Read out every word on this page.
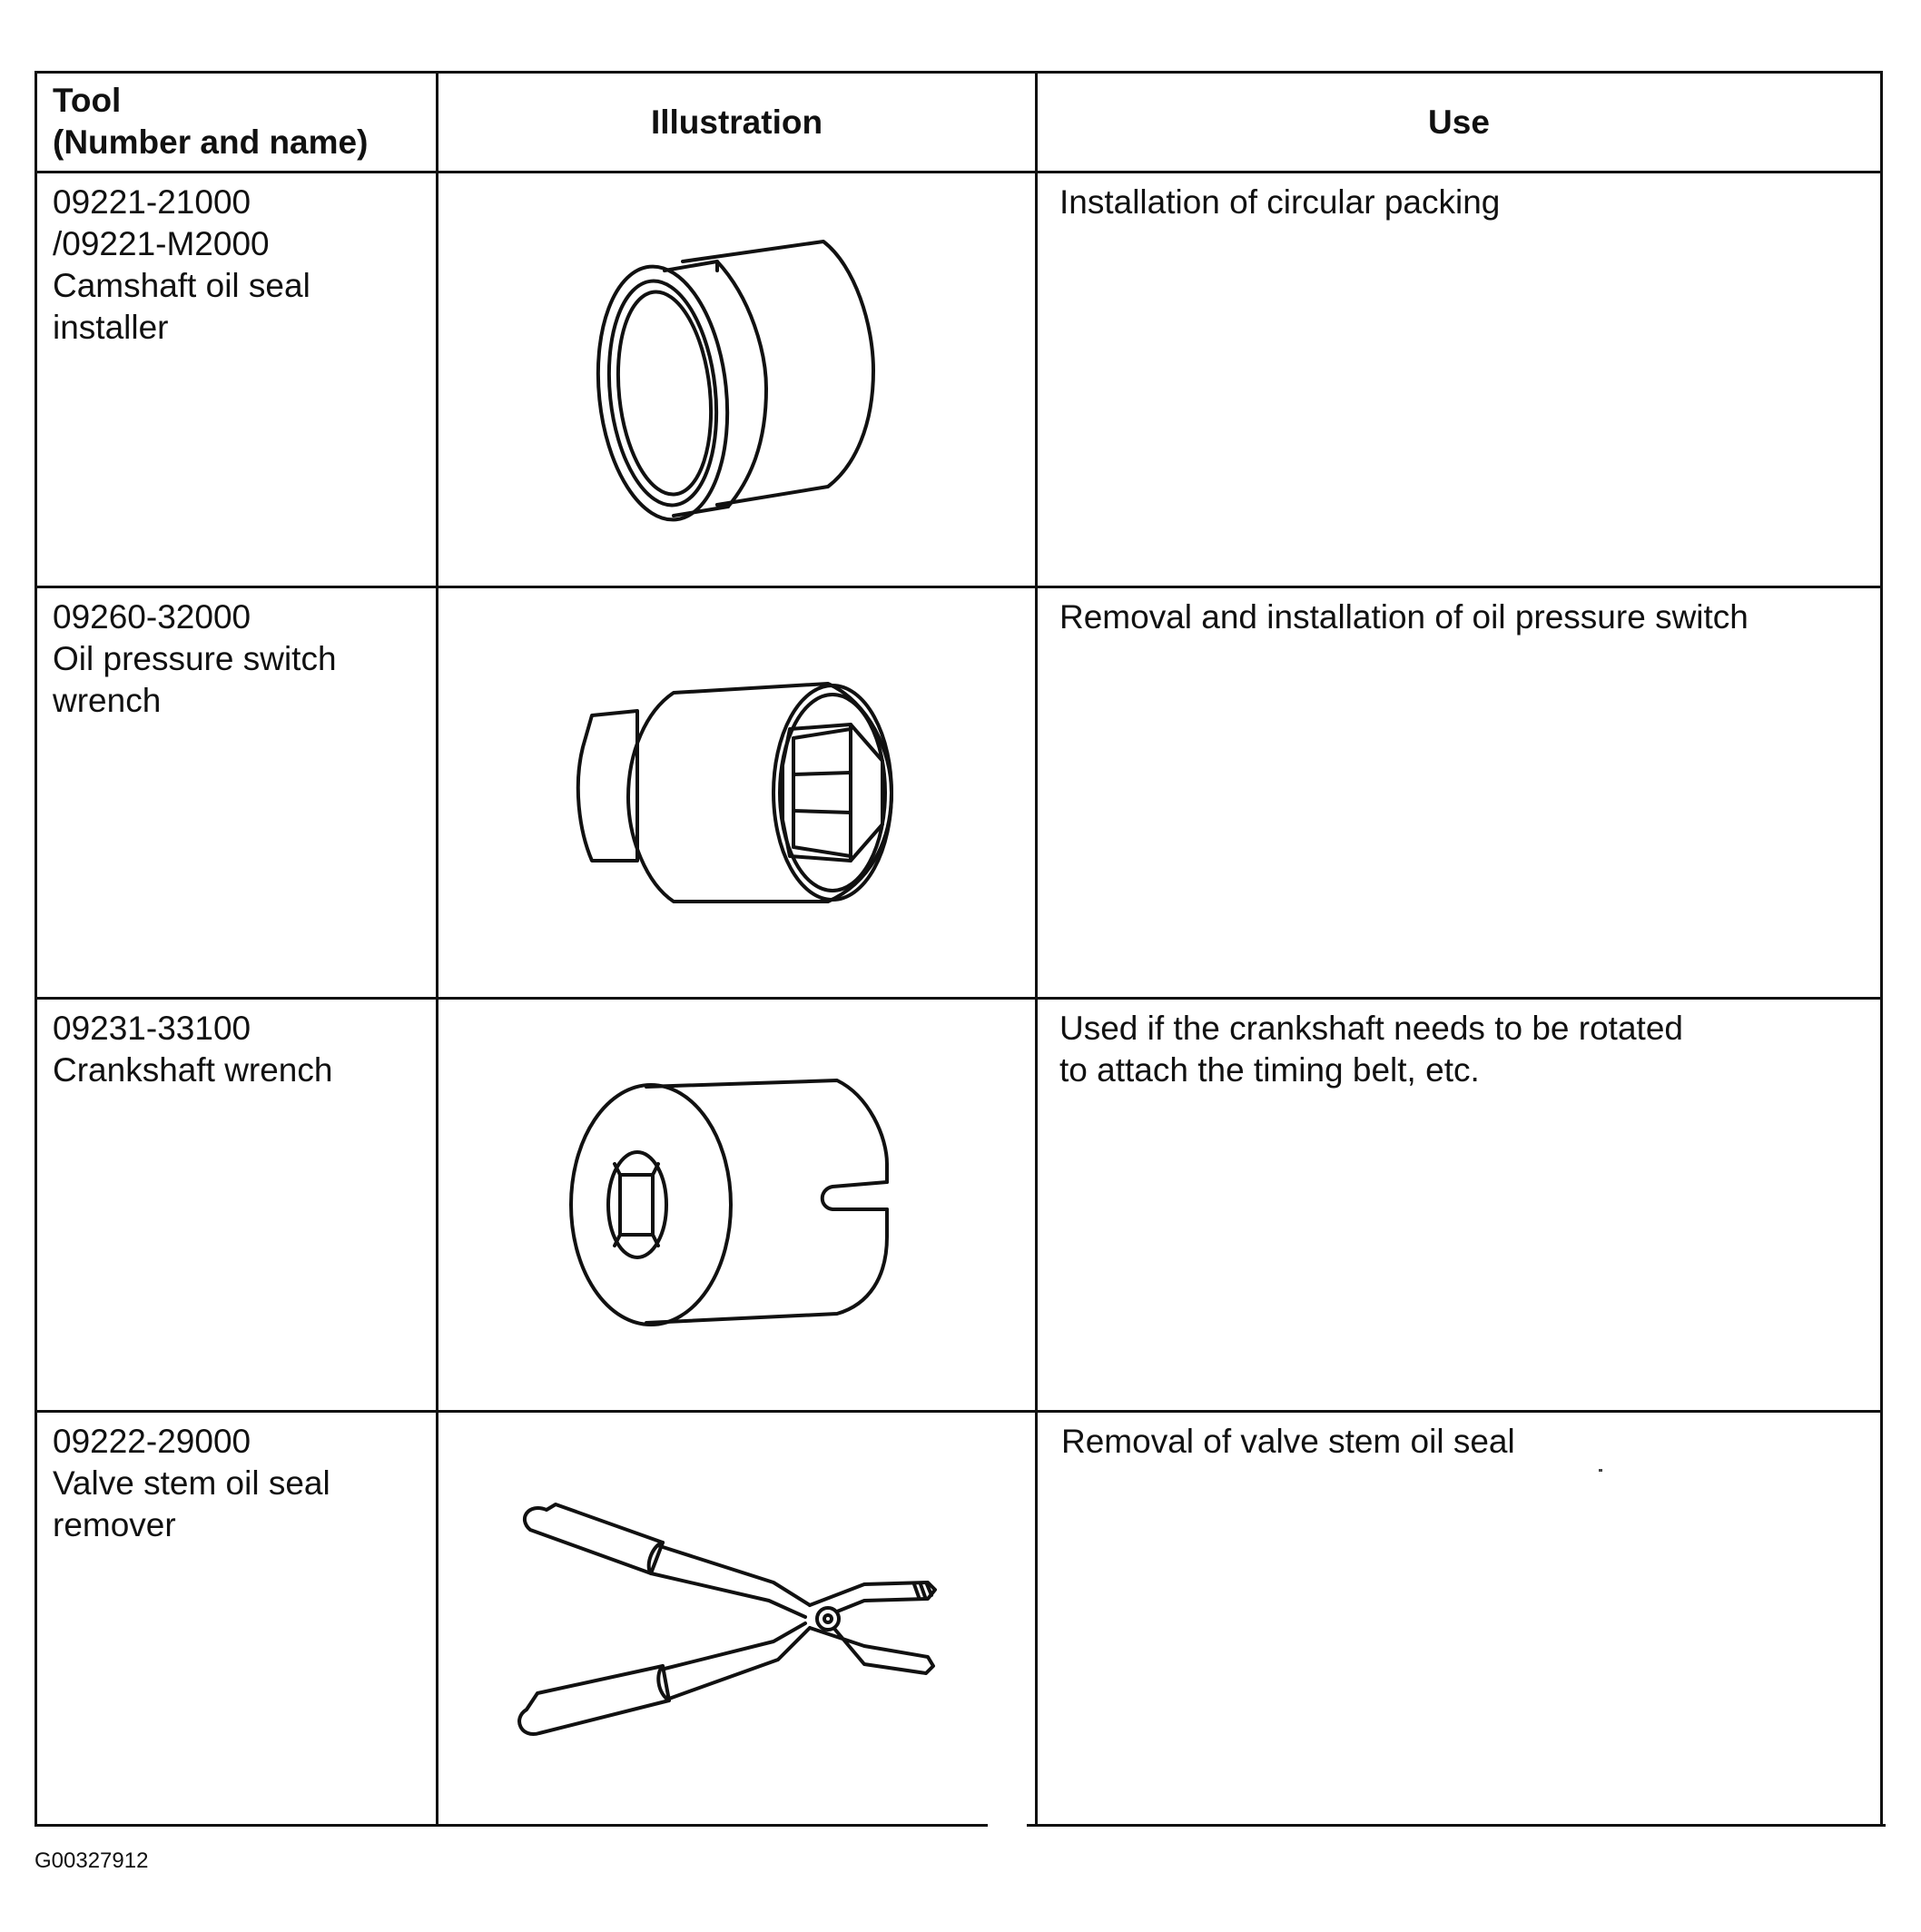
Tool
(Number and name)
Illustration	Use
09221-21000
/09221-M2000
Camshaft oil seal
installer
Installation of circular packing
09260-32000
Oil pressure switch
wrench
Removal and installation of oil pressure switch
09231-33100
Crankshaft wrench
Used if the crankshaft needs to be rotated
to attach the timing belt, etc.
09222-29000
Valve stem oil seal
remover
Removal of valve stem oil seal
G00327912
